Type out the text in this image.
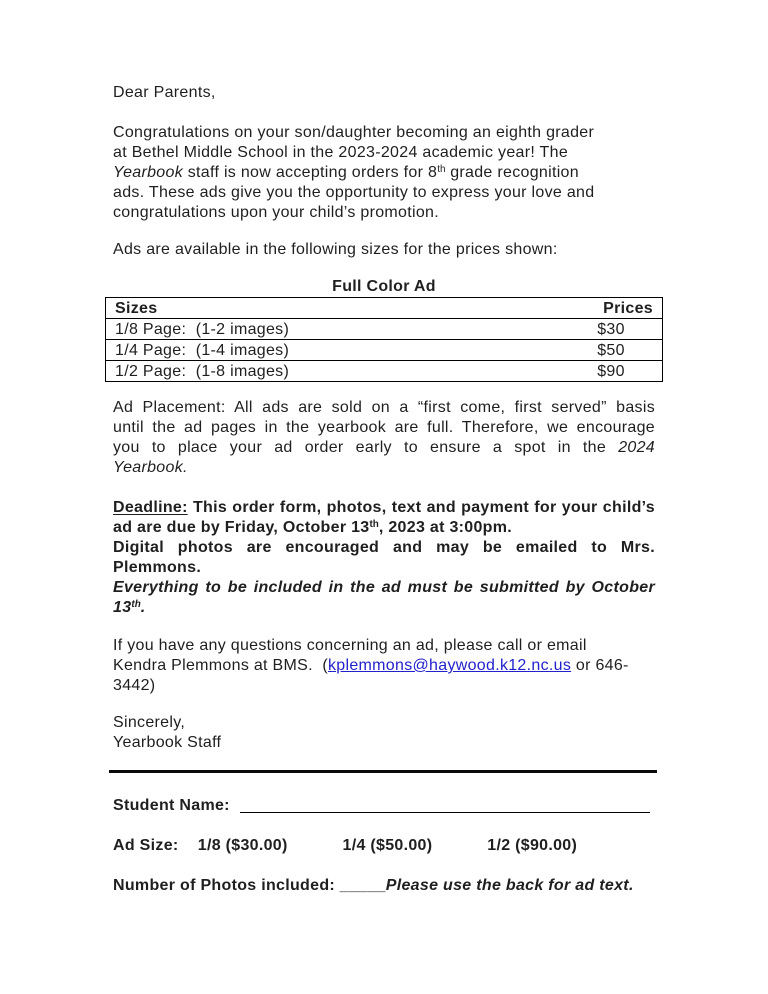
Dear Parents,

Congratulations on your son/daughter becoming an eighth grader
at Bethel Middle School in the 2023-2024 academic year! The
Yearbook staff is now accepting orders for 8th grade recognition
ads. These ads give you the opportunity to express your love and
congratulations upon your child’s promotion.

Ads are available in the following sizes for the prices shown:

Full Color Ad
Sizes	Prices
1/8 Page:  (1-2 images)	$30
1/4 Page:  (1-4 images)	$50
1/2 Page:  (1-8 images)	$90
Ad Placement: All ads are sold on a “first come, first served” basis
until the ad pages in the yearbook are full. Therefore, we encourage
you to place your ad order early to ensure a spot in the 2024
Yearbook.
Deadline: This order form, photos, text and payment for your child’s
ad are due by Friday, October 13th, 2023 at 3:00pm.
Digital photos are encouraged and may be emailed to Mrs.
Plemmons.
Everything to be included in the ad must be submitted by October
13th.
If you have any questions concerning an ad, please call or email
Kendra Plemmons at BMS.  (kplemmons@haywood.k12.nc.us or 646-
3442)
Sincerely,
Yearbook Staff
Student Name:
Ad Size: 1/8 ($30.00)	1/4 ($50.00)	1/2 ($90.00)
Number of Photos included: _____Please use the back for ad text.
